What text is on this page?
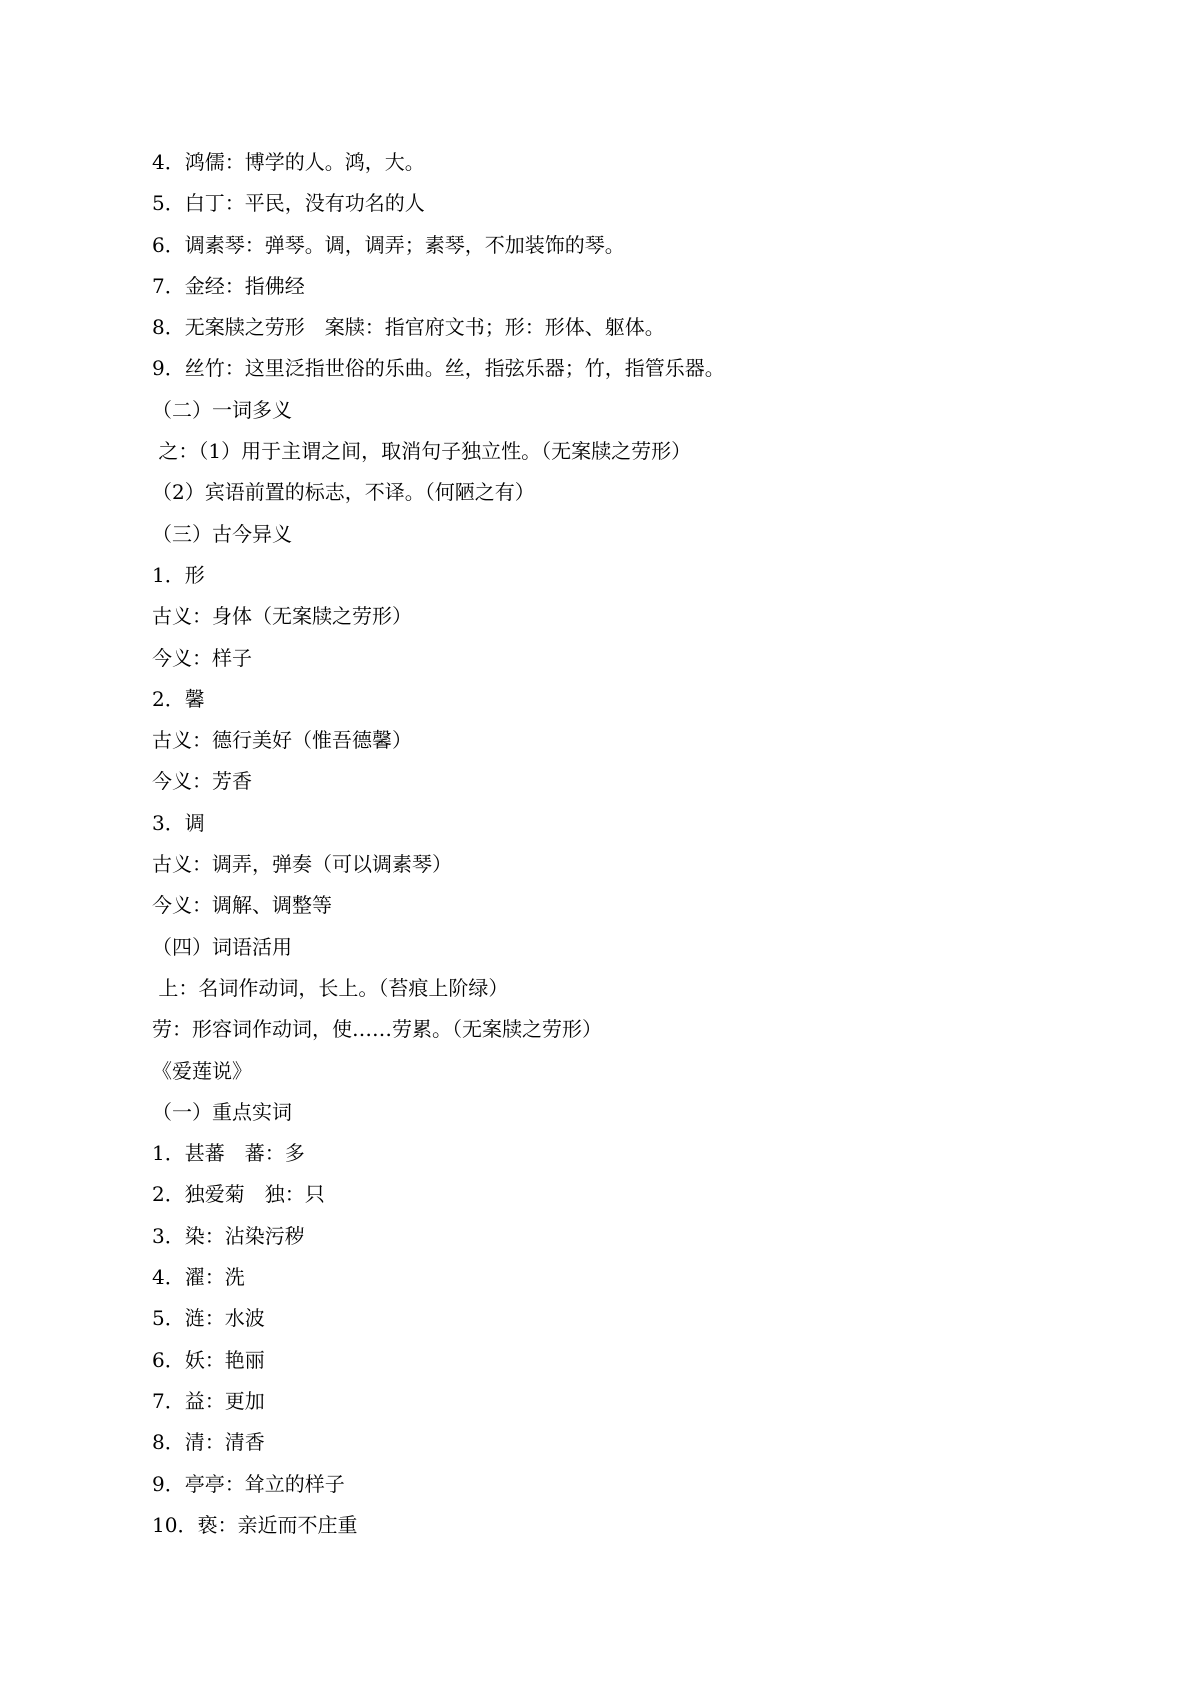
4．鸿儒：博学的人。鸿，大。
5．白丁：平民，没有功名的人
6．调素琴：弹琴。调，调弄；素琴，不加装饰的琴。
7．金经：指佛经
8．无案牍之劳形　案牍：指官府文书；形：形体、躯体。
9．丝竹：这里泛指世俗的乐曲。丝，指弦乐器；竹，指管乐器。
（二）一词多义
之：（1）用于主谓之间，取消句子独立性。（无案牍之劳形）
（2）宾语前置的标志，不译。（何陋之有）
（三）古今异义
1．形
古义：身体（无案牍之劳形）
今义：样子
2．馨
古义：德行美好（惟吾德馨）
今义：芳香
3．调
古义：调弄，弹奏（可以调素琴）
今义：调解、调整等
（四）词语活用
上：名词作动词，长上。（苔痕上阶绿）
劳：形容词作动词，使……劳累。（无案牍之劳形）
《爱莲说》
（一）重点实词
1．甚蕃　蕃：多
2．独爱菊　独：只
3．染：沾染污秽
4．濯：洗
5．涟：水波
6．妖：艳丽
7．益：更加
8．清：清香
9．亭亭：耸立的样子
10．亵：亲近而不庄重
